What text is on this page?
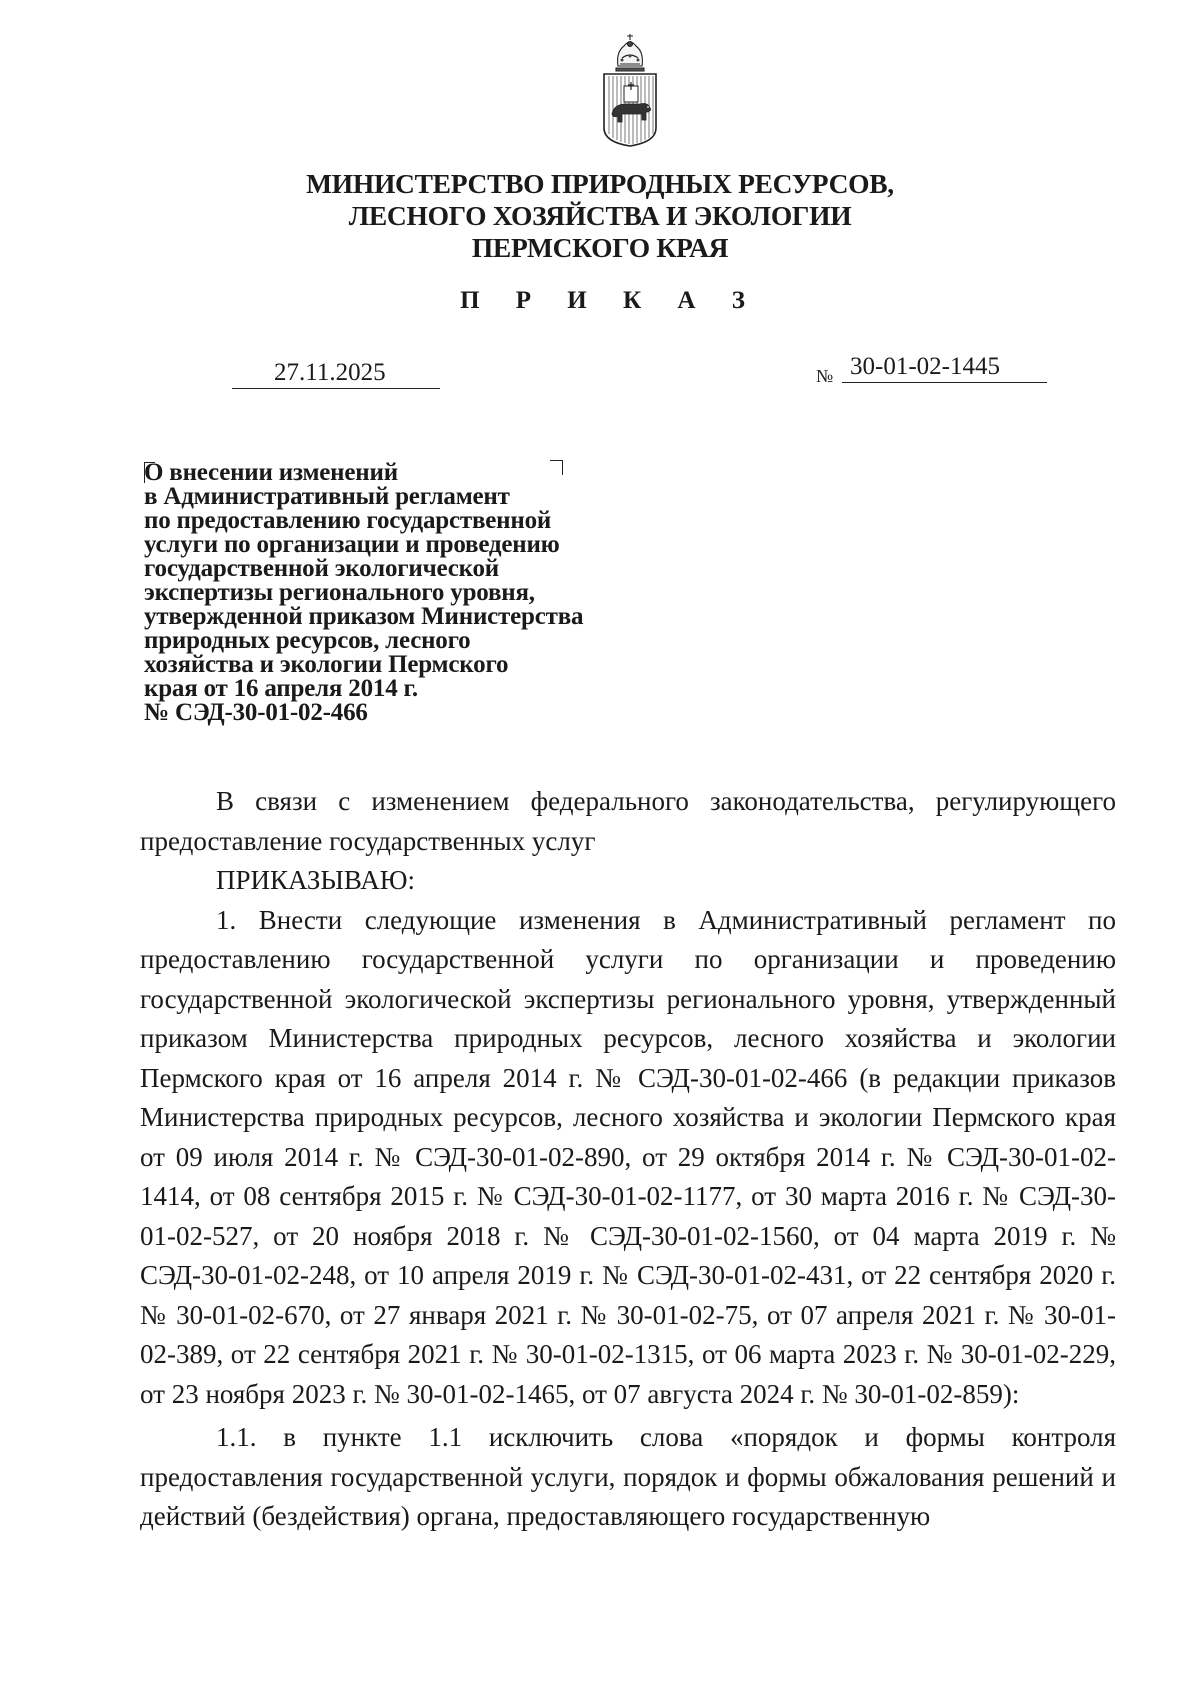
МИНИСТЕРСТВО ПРИРОДНЫХ РЕСУРСОВ,
ЛЕСНОГО ХОЗЯЙСТВА И ЭКОЛОГИИ
ПЕРМСКОГО КРАЯ
П Р И К А З
27.11.2025	№ 30-01-02-1445
О внесении изменений
в Административный регламент
по предоставлению государственной
услуги по организации и проведению
государственной экологической
экспертизы регионального уровня,
утвержденной приказом Министерства
природных ресурсов, лесного
хозяйства и экологии Пермского
края от 16 апреля 2014 г.
№ СЭД-30-01-02-466

В связи с изменением федерального законодательства, регулирующего предоставление государственных услуг

ПРИКАЗЫВАЮ:

1. Внести следующие изменения в Административный регламент по предоставлению государственной услуги по организации и проведению государственной экологической экспертизы регионального уровня, утвержденный приказом Министерства природных ресурсов, лесного хозяйства и экологии Пермского края от 16 апреля 2014 г. № СЭД-30-01-02-466 (в редакции приказов Министерства природных ресурсов, лесного хозяйства и экологии Пермского края от 09 июля 2014 г. № СЭД-30-01-02-890, от 29 октября 2014 г. № СЭД-30-01-02-1414, от 08 сентября 2015 г. № СЭД-30-01-02-1177, от 30 марта 2016 г. № СЭД-30-01-02-527, от 20 ноября 2018 г. № СЭД-30-01-02-1560, от 04 марта 2019 г. № СЭД-30-01-02-248, от 10 апреля 2019 г. № СЭД-30-01-02-431, от 22 сентября 2020 г. № 30-01-02-670, от 27 января 2021 г. № 30-01-02-75, от 07 апреля 2021 г. № 30-01-02-389, от 22 сентября 2021 г. № 30-01-02-1315, от 06 марта 2023 г. № 30-01-02-229, от 23 ноября 2023 г. № 30-01-02-1465, от 07 августа 2024 г. № 30-01-02-859):

1.1. в пункте 1.1 исключить слова «порядок и формы контроля предоставления государственной услуги, порядок и формы обжалования решений и действий (бездействия) органа, предоставляющего государственную
